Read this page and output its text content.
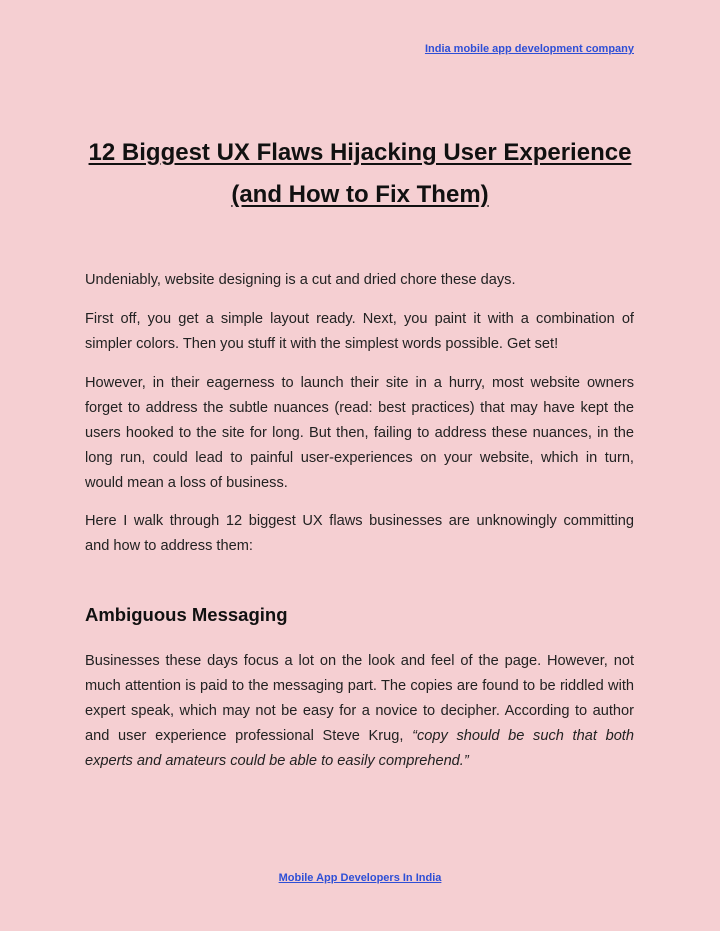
India mobile app development company
12 Biggest UX Flaws Hijacking User Experience (and How to Fix Them)

Undeniably, website designing is a cut and dried chore these days.

First off, you get a simple layout ready. Next, you paint it with a combination of simpler colors. Then you stuff it with the simplest words possible. Get set!

However, in their eagerness to launch their site in a hurry, most website owners forget to address the subtle nuances (read: best practices) that may have kept the users hooked to the site for long. But then, failing to address these nuances, in the long run, could lead to painful user-experiences on your website, which in turn, would mean a loss of business.

Here I walk through 12 biggest UX flaws businesses are unknowingly committing and how to address them:

Ambiguous Messaging

Businesses these days focus a lot on the look and feel of the page. However, not much attention is paid to the messaging part. The copies are found to be riddled with expert speak, which may not be easy for a novice to decipher. According to author and user experience professional Steve Krug, “copy should be such that both experts and amateurs could be able to easily comprehend.”

Mobile App Developers In India
